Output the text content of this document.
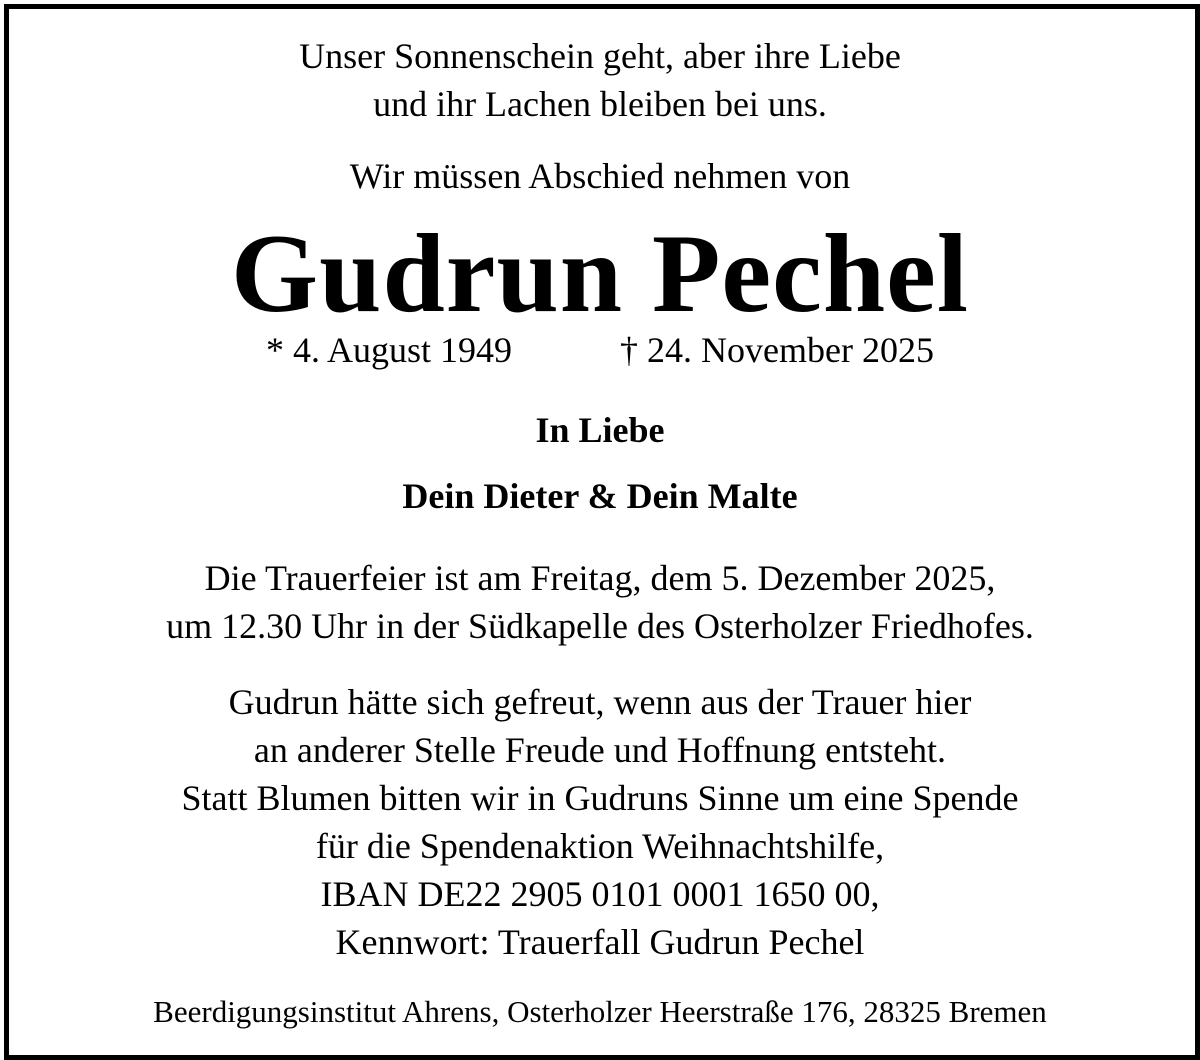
Unser Sonnenschein geht, aber ihre Liebe
und ihr Lachen bleiben bei uns.
Wir müssen Abschied nehmen von
Gudrun Pechel
* 4. August 1949	† 24. November 2025
In Liebe
Dein Dieter & Dein Malte
Die Trauerfeier ist am Freitag, dem 5. Dezember 2025,
um 12.30 Uhr in der Südkapelle des Osterholzer Friedhofes.
Gudrun hätte sich gefreut, wenn aus der Trauer hier
an anderer Stelle Freude und Hoffnung entsteht.
Statt Blumen bitten wir in Gudruns Sinne um eine Spende
für die Spendenaktion Weihnachtshilfe,
IBAN DE22 2905 0101 0001 1650 00,
Kennwort: Trauerfall Gudrun Pechel
Beerdigungsinstitut Ahrens, Osterholzer Heerstraße 176, 28325 Bremen
